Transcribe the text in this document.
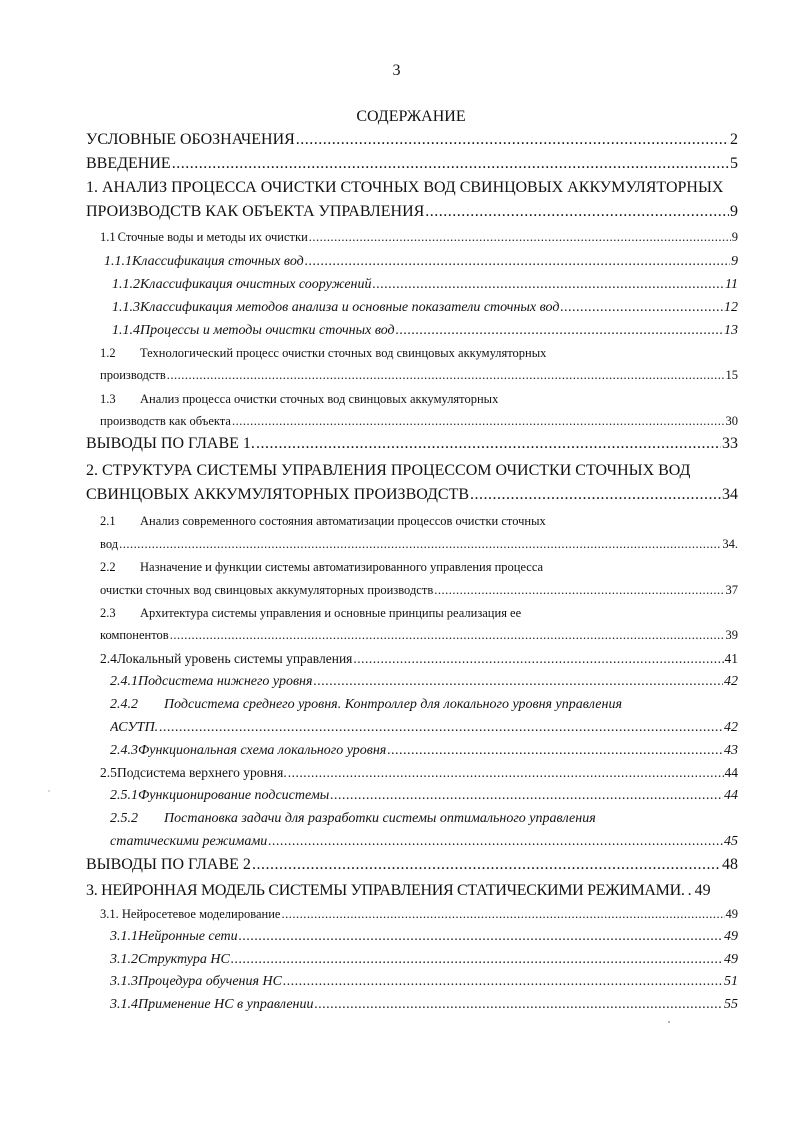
3
СОДЕРЖАНИЕ
УСЛОВНЫЕ ОБОЗНАЧЕНИЯ .....	2
ВВЕДЕНИЕ .....	5
1. АНАЛИЗ ПРОЦЕССА ОЧИСТКИ СТОЧНЫХ ВОД СВИНЦОВЫХ АККУМУЛЯТОРНЫХ
ПРОИЗВОДСТВ КАК ОБЪЕКТА УПРАВЛЕНИЯ .....	9
1.1 Сточные воды и методы их очистки .....	9
1.1.1 Классификация сточных вод .....	9
1.1.2 Классификация очистных сооружений .....	11
1.1.3 Классификация методов анализа и основные показатели сточных вод .....	12
1.1.4 Процессы и методы очистки сточных вод .....	13
1.2	Технологический процесс очистки сточных вод свинцовых аккумуляторных
производств .....	15
1.3	Анализ процесса очистки сточных вод свинцовых аккумуляторных
производств как объекта .....	30
ВЫВОДЫ ПО ГЛАВЕ 1. .....	33
2. СТРУКТУРА СИСТЕМЫ УПРАВЛЕНИЯ ПРОЦЕССОМ ОЧИСТКИ СТОЧНЫХ ВОД
СВИНЦОВЫХ АККУМУЛЯТОРНЫХ ПРОИЗВОДСТВ .....	34
2.1	Анализ современного состояния автоматизации процессов очистки сточных
вод .....	34.
2.2	Назначение и функции системы автоматизированного управления процесса
очистки сточных вод свинцовых аккумуляторных производств .....	37
2.3	Архитектура системы управления и основные принципы реализация ее
компонентов .....	39
2.4 Локальный уровень системы управления .....	41
2.4.1 Подсистема нижнего уровня .....	42
2.4.2	Подсистема среднего уровня. Контроллер для локального уровня управления
АСУТП. .....	42
2.4.3 Функциональная схема локального уровня .....	43
2.5 Подсистема верхнего уровня. .....	44
2.5.1 Функционирование подсистемы .....	44
2.5.2	Постановка задачи для разработки системы оптимального управления
статическими режимами .....	45
ВЫВОДЫ ПО ГЛАВЕ 2 .....	48
3. НЕЙРОННАЯ МОДЕЛЬ СИСТЕМЫ УПРАВЛЕНИЯ СТАТИЧЕСКИМИ РЕЖИМАМИ. ..... 49
3.1. Нейросетевое моделирование .....	49
3.1.1 Нейронные сети .....	49
3.1.2 Структура НС .....	49
3.1.3 Процедура обучения НС .....	51
3.1.4 Применение НС в управлении .....	55
